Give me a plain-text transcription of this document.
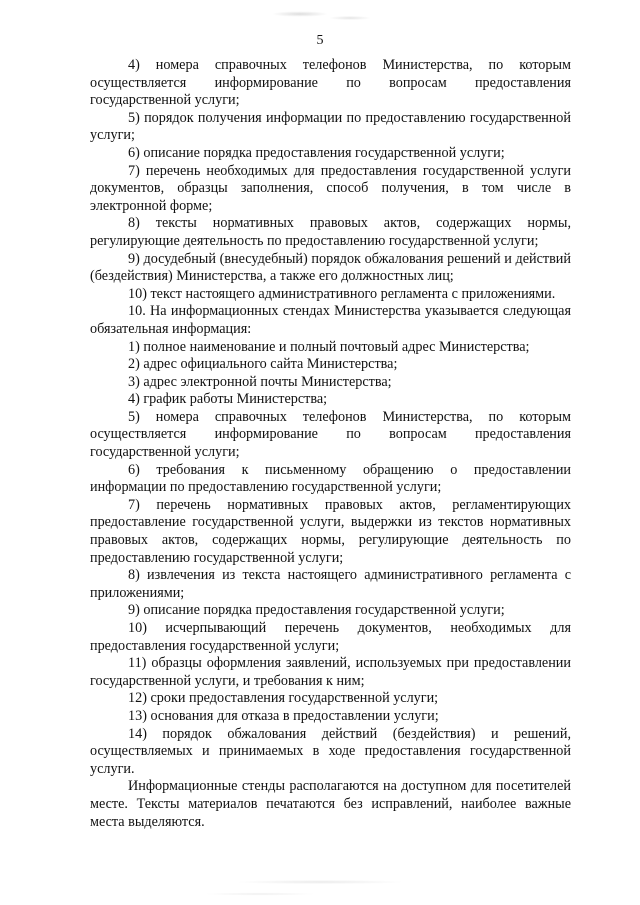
5

4) номера справочных телефонов Министерства, по которым осуществляется информирование по вопросам предоставления государственной услуги;

5) порядок получения информации по предоставлению государственной услуги;

6) описание порядка предоставления государственной услуги;

7) перечень необходимых для предоставления государственной услуги документов, образцы заполнения, способ получения, в том числе в электронной форме;

8) тексты нормативных правовых актов, содержащих нормы, регулирующие деятельность по предоставлению государственной услуги;

9) досудебный (внесудебный) порядок обжалования решений и действий (бездействия) Министерства, а также его должностных лиц;

10) текст настоящего административного регламента с приложениями.

10. На информационных стендах Министерства указывается следующая обязательная информация:

1) полное наименование и полный почтовый адрес Министерства;

2) адрес официального сайта Министерства;

3) адрес электронной почты Министерства;

4) график работы Министерства;

5) номера справочных телефонов Министерства, по которым осуществляется информирование по вопросам предоставления государственной услуги;

6) требования к письменному обращению о предоставлении информации по предоставлению государственной услуги;

7) перечень нормативных правовых актов, регламентирующих предоставление государственной услуги, выдержки из текстов нормативных правовых актов, содержащих нормы, регулирующие деятельность по предоставлению государственной услуги;

8) извлечения из текста настоящего административного регламента с приложениями;

9) описание порядка предоставления государственной услуги;

10) исчерпывающий перечень документов, необходимых для предоставления государственной услуги;

11) образцы оформления заявлений, используемых при предоставлении государственной услуги, и требования к ним;

12) сроки предоставления государственной услуги;

13) основания для отказа в предоставлении услуги;

14) порядок обжалования действий (бездействия) и решений, осуществляемых и принимаемых в ходе предоставления государственной услуги.

Информационные стенды располагаются на доступном для посетителей месте. Тексты материалов печатаются без исправлений, наиболее важные места выделяются.
